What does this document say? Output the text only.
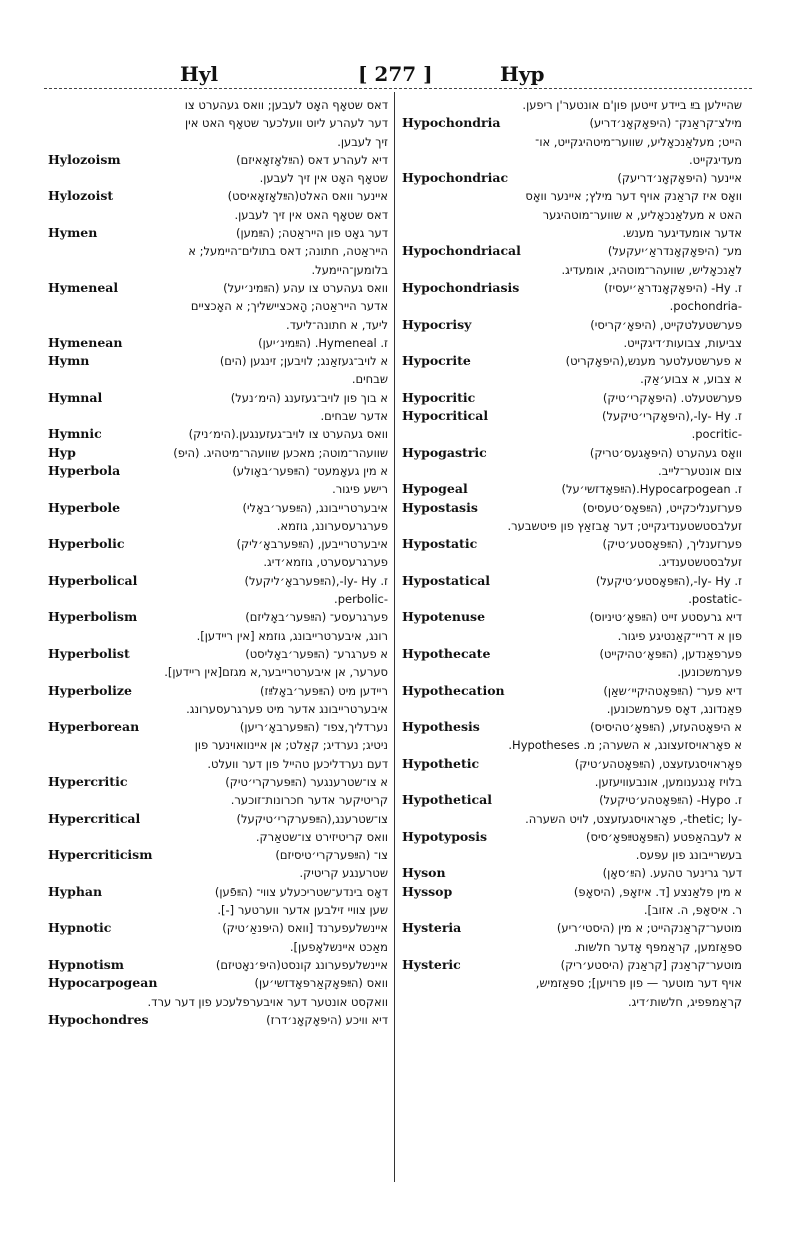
Hyl	[ 277 ]	Hyp
דאס שטאָף האָט לעבען; וואס געהערט צו
דער לעהרע ליוט וועלכער שטאָף האט אין
זיך לעבען.
Hylozoism	דיא לעהרע דאס (הײַלאָזאָאיזם)
שטאָף האָט אין זיך לעבען.
Hylozoist	איינער וואס האלט(הײַלאָזאָאיסט)
דאס שטאָף האט אין זיך לעבען.
Hymen	דער גאָט פון הייראַטה; (הײַמען)
הייראַטה, חתונה; דאס בתולים־היימעל; א
בלומען־היימעל.
Hymeneal	וואס געהערט צו עהע (הײַמינ׳יעל)
אדער הייראַטה; הָאכציישליך; א האָכציים
ליעד, א חתונה־ליעד.
Hymenean	ז. Hymeneal. (הײַמינ׳יען)
Hymn	א לויב־געזאַנג; לויבען; זינגען (הים)
שבחים.
Hymnal	א בוך פון לויב־געזענג (הימ׳נעל)
אדער שבחים.
Hymnic	וואס געהערט צו לויב־געזענגען.(הימ׳ניק)
Hyp	שוועהר־מוטה; מאכען שוועהר־מיטהיג. (היפ)
Hyperbola	א מין געאָמעט־ (הײַפּער׳באָולע)
רישע פיגור.
Hyperbole	איבערטרייבונג, (הײַפּער׳באָלי)
פערגרעסערונג, גוזמא.
Hyperbolic	איבערטרייבען, (הײַפּערבאָ׳ליק)
פערגרעסערט, גוזמא׳דיג.
Hyperbolical	ז. ly- Hy-,(הײַפּערבאָ׳ליקעל)
-perbolic.
Hyperbolism	פערגרעסע־ (הײַפּער׳באָליזם)
רונג, איבערטרייבונג, גוזמא [אין ריידען].
Hyperbolist	א פערגרע־ (הײַפּער׳באָליסט)
סערער, אן איבערטרייבער,א מגזם[אין ריידען].
Hyperbolize	ריידען מיט (הײַפּער׳באָלײַז)
איבערטרייבונג אדער מיט פערגרעסערונג.
Hyperborean	נערדליך,צפו־ (הײַפּערבאָ׳ריען)
ניטיג; נערדיג; קאַלט; אן איינוואוינער פון
דעם נערדליכען טהייל פון דער וועלט.
Hypercritic	א צו־שטרענגער (הײַפּערקרי׳טיק)
קריטיקער אדער חכרונות־זוכער.
Hypercritical	צו־שטרענג,(הײַפּערקרי׳טיקעל)
וואס קריטיזירט צו־שטאַרק.
Hypercriticism	צו־ (הײַפּערקרי׳טיסיזם)
שטרענגע קריטיק.
Hyphan	דאָס בינדע־שטריכעלע צווי־ (הײַפֿען)
שען צוויי זילבען אדער ווערטער [-].
Hypnotic	איינשלעפערנד [וואס (היפּנאַ׳טיק)
מאַכט איינשלאָפען].
Hypnotism	איינשלעפערונג קונסט(היפּ׳נאָטיזם)
Hypocarpogean	וואס (הײַפּאָקאַרפּאָדזשי׳ען)
וואקסט אונטער דער אויבערפלעכע פון דער ערד.
Hypochondres	דיא וויכע (היפּאָקאָנ׳דרז)
שהיילען בײַ ביידע זייטען פון'ם אונטער'ן ריפען.
Hypochondria	מילצ־קראַנק־ (היפּאָקאָנ׳דריע)
הייט; מעלאַנכאָליע, שווער־מיטהיגקייט, או־
מעדיגקייט.
Hypochondriac	איינער (היפּאָקאָנ׳דריעק)
וואָס איז קראַנק אויף דער מילץ; איינער וואָס
האט א מעלאַנכאָליע, א שווער־מוטהיגער
אדער אומעדיגער מענש.
Hypochondriacal	מע־ (היפּאָקאָנדראַ׳יעקעל)
לאַנכאָליש, שוועהר־מוטהיג, אומעדיג.
Hypochondriasis	ז. Hy- (היפּאָקאָנדראַ׳יעסיז)
-pochondria.
Hypocrisy	פערשטעלטקייט, (היפּאָ׳קריסי)
צביעות, צבועות׳דיגקייט.
Hypocrite	א פערשטעלטער מענש,(היפּאָקריט)
א צבוע, א צבוע׳אַק.
Hypocritic	פערשטעלט. (היפּאָקרי׳טיק)
Hypocritical	ז. ly- Hy-,(היפּאָקרי׳טיקעל)
-pocritic.
Hypogastric	וואָס געהערט (היפּאָגעס׳טריק)
צום אונטער־לייב.
Hypogeal	ז. Hypocarpogean.(הײַפּאָדזשי׳על)
Hypostasis	פערזענליכקייט, (הײַפּאָס׳טעסיס)
זעלבסטשטענדיגקייט; דער אָבזאַץ פון פיטשבער.
Hypostatic	פערזענליך, (הײַפּאָסטע׳טיק)
זעלבסטשטענדיג.
Hypostatical	ז. ly- Hy-,(הײַפּאָסטע׳טיקעל)
-postatic.
Hypotenuse	דיא גרעסטע זייט (הײַפּאָ׳טיניוס)
פון א דריי־קאַנטיגע פיגור.
Hypothecate	פערפאַנדען, (הײַפּאָ׳טהיקייט)
פערמשכונען.
Hypothecation	דיא פער־ (הײַפּאָטהיקיי׳שאַן)
פאַנדונג, דאָס פערמשכונען.
Hypothesis	א היפּאָטהעזע, (הײַפּאָ׳טהיסיס)
א פאָראויסזעצונג, א השערה; מ. Hypotheses.
Hypothetic	פאָראויסגעזעצט, (הײַפּאָטהע׳טיק)
בלויז אָנגענומען, אונבעוויעזען.
Hypothetical	ז. Hypo- (הײַפּאָטהע׳טיקעל)
-thetic; ly-, פאָראויסגעזעצט, לויט השערה.
Hypotyposis	א לעבהאַפטע (הײַפּאָטײַפּאָ׳סיס)
בעשרייבונג פון עפּעס.
Hyson	דער גרינער טהעע. (הײַ׳סאָן)
Hyssop	א מין פלאַנצע [ד. איזאָפּ, (היסאָפּ)
ר. איסאָפּ, ה. אזוב].
Hysteria	מוטער־קראַנקהייט; א מין (היסטי׳ריע)
ספּאַזמען, קראַמפּף אָדער חלשות.
Hysteric	מוטער־קראַנק [קראַנק (היסטע׳ריק)
אויף דער מוטער — פון פרויען]; ספּאַזמיש,
קראַמפּפיג, חלשות׳דיג.
